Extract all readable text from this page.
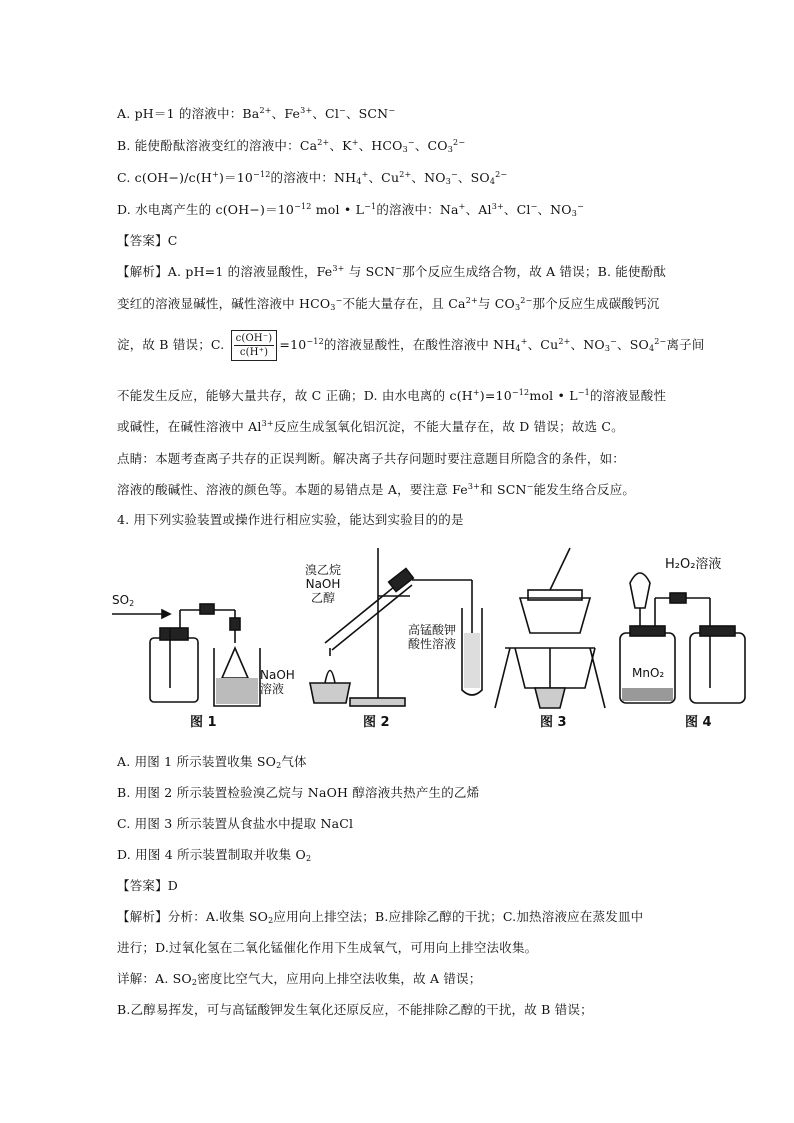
A. pH＝1 的溶液中：$Ba^{2+}$、$Fe^{3+}$、Cl−、SCN−
B. 能使酚酞溶液变红的溶液中：$Ca^{2+}$、K+、$HCO_3^-$、$CO_3^{2-}$
C. $c(OH-)/c(H^+)=10^{-12}$的溶液中：$NH_4^+$、$Cu^{2+}$、$NO_3^-$、$SO_4^{2-}$
D. 水电离产生的 $c(OH-)=10^{-12}$ mol • $L^{-1}$的溶液中：Na+、$Al^{3+}$、Cl−、$NO_3^-$
【答案】C
【解析】A. pH=1 的溶液显酸性，$Fe^{3+}$ 与 SCN−那个反应生成络合物，故 A 错误；B. 能使酚酞
变红的溶液显碱性，碱性溶液中 $HCO_3^-$不能大量存在，且 $Ca^{2+}$与 $CO_3^{2-}$那个反应生成碳酸钙沉
淀，故 B 错误；C. $\frac{c(OH^-)}{c(H^+)} =10^{-12}$的溶液显酸性，在酸性溶液中 $NH_4^+$、$Cu^{2+}$、$NO_3^-$、$SO_4^{2-}$离子间
不能发生反应，能够大量共存，故 C 正确；D. 由水电离的 $c(H^+)=10^{-12}mol$ • $L^{-1}$的溶液显酸性
或碱性，在碱性溶液中 $Al^{3+}$反应生成氢氧化铝沉淀，不能大量存在，故 D 错误；故选 C。
点睛：本题考查离子共存的正误判断。解决离子共存问题时要注意题目所隐含的条件，如：
溶液的酸碱性、溶液的颜色等。本题的易错点是 A，要注意 $Fe^{3+}$和 SCN−能发生络合反应。
4. 用下列实验装置或操作进行相应实验，能达到实验目的的是
$SO_2$
NaOH
溶液
溴乙烷
NaOH
乙醇
高锰酸钾
酸性溶液
H₂O₂溶液
MnO₂
图 1	图 2	图 3	图 4
A. 用图 1 所示装置收集 $SO_2$气体
B. 用图 2 所示装置检验溴乙烷与 NaOH 醇溶液共热产生的乙烯
C. 用图 3 所示装置从食盐水中提取 NaCl
D. 用图 4 所示装置制取并收集 $O_2$
【答案】D
【解析】分析：A.收集 $SO_2$应用向上排空法；B.应排除乙醇的干扰；C.加热溶液应在蒸发皿中
进行；D.过氧化氢在二氧化锰催化作用下生成氧气，可用向上排空法收集。
详解：A. $SO_2$密度比空气大，应用向上排空法收集，故 A 错误；
B.乙醇易挥发，可与高锰酸钾发生氧化还原反应，不能排除乙醇的干扰，故 B 错误；
